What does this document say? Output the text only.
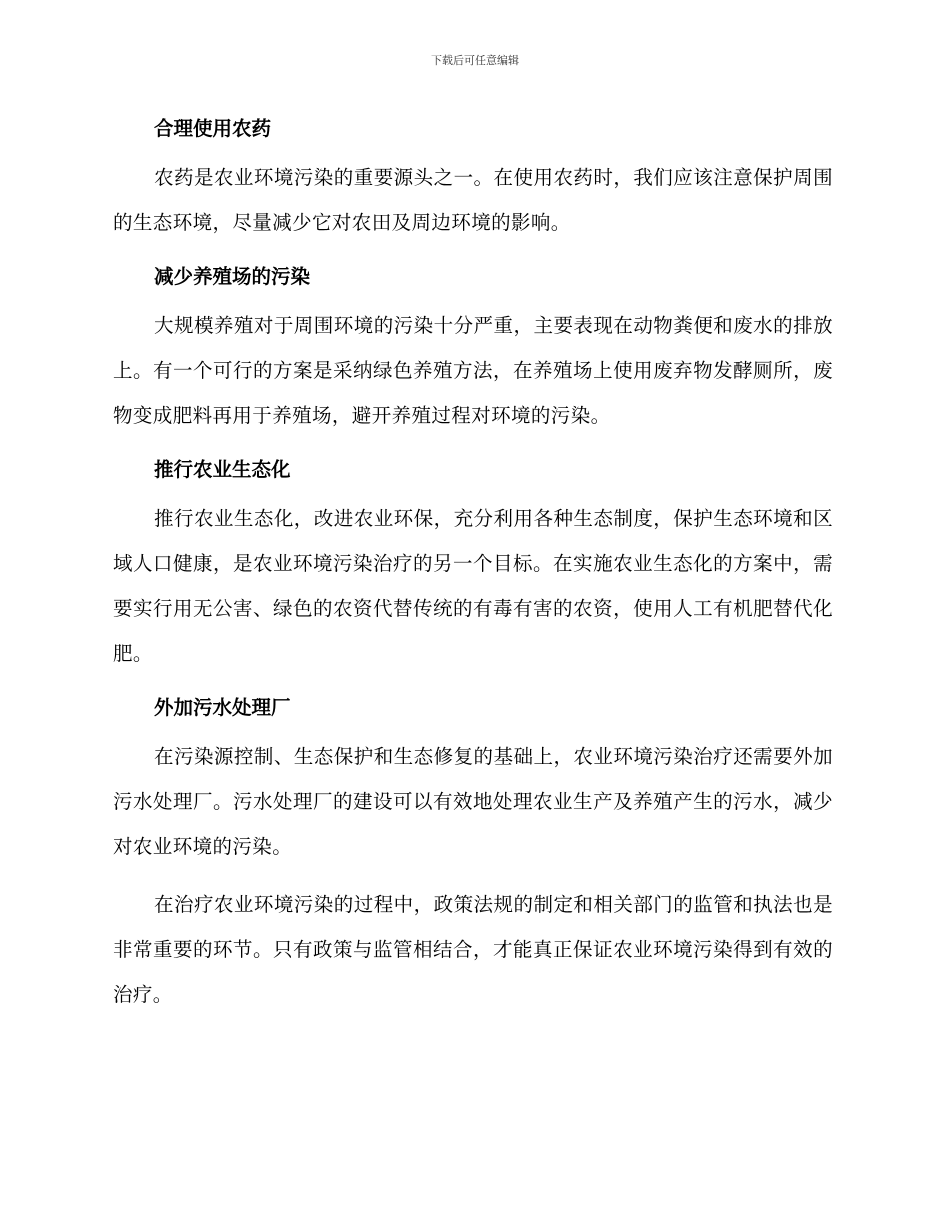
下载后可任意编辑
合理使用农药
农药是农业环境污染的重要源头之一。在使用农药时，我们应该注意保护周围的生态环境，尽量减少它对农田及周边环境的影响。
减少养殖场的污染
大规模养殖对于周围环境的污染十分严重，主要表现在动物粪便和废水的排放上。有一个可行的方案是采纳绿色养殖方法，在养殖场上使用废弃物发酵厕所，废物变成肥料再用于养殖场，避开养殖过程对环境的污染。
推行农业生态化
推行农业生态化，改进农业环保，充分利用各种生态制度，保护生态环境和区域人口健康，是农业环境污染治疗的另一个目标。在实施农业生态化的方案中，需要实行用无公害、绿色的农资代替传统的有毒有害的农资，使用人工有机肥替代化肥。
外加污水处理厂
在污染源控制、生态保护和生态修复的基础上，农业环境污染治疗还需要外加污水处理厂。污水处理厂的建设可以有效地处理农业生产及养殖产生的污水，减少对农业环境的污染。
在治疗农业环境污染的过程中，政策法规的制定和相关部门的监管和执法也是非常重要的环节。只有政策与监管相结合，才能真正保证农业环境污染得到有效的治疗。
